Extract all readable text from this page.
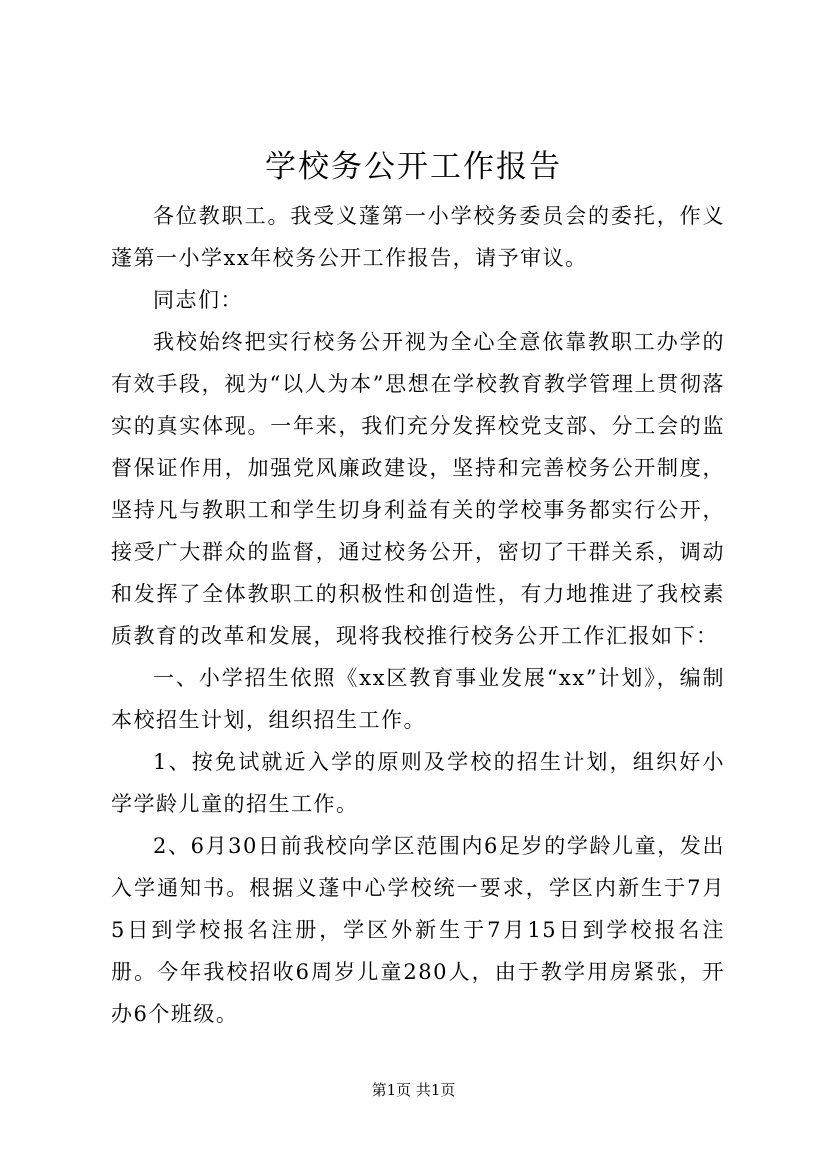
学校务公开工作报告

各位教职工。我受义蓬第一小学校务委员会的委托，作义蓬第一小学xx年校务公开工作报告，请予审议。

同志们：

我校始终把实行校务公开视为全心全意依靠教职工办学的有效手段，视为“以人为本”思想在学校教育教学管理上贯彻落实的真实体现。一年来，我们充分发挥校党支部、分工会的监督保证作用，加强党风廉政建设，坚持和完善校务公开制度，坚持凡与教职工和学生切身利益有关的学校事务都实行公开，接受广大群众的监督，通过校务公开，密切了干群关系，调动和发挥了全体教职工的积极性和创造性，有力地推进了我校素质教育的改革和发展，现将我校推行校务公开工作汇报如下：

一、小学招生依照《xx区教育事业发展“xx”计划》，编制本校招生计划，组织招生工作。

1、按免试就近入学的原则及学校的招生计划，组织好小学学龄儿童的招生工作。

2、6月30日前我校向学区范围内6足岁的学龄儿童，发出入学通知书。根据义蓬中心学校统一要求，学区内新生于7月5日到学校报名注册，学区外新生于7月15日到学校报名注册。今年我校招收6周岁儿童280人，由于教学用房紧张，开办6个班级。

第1页 共1页
